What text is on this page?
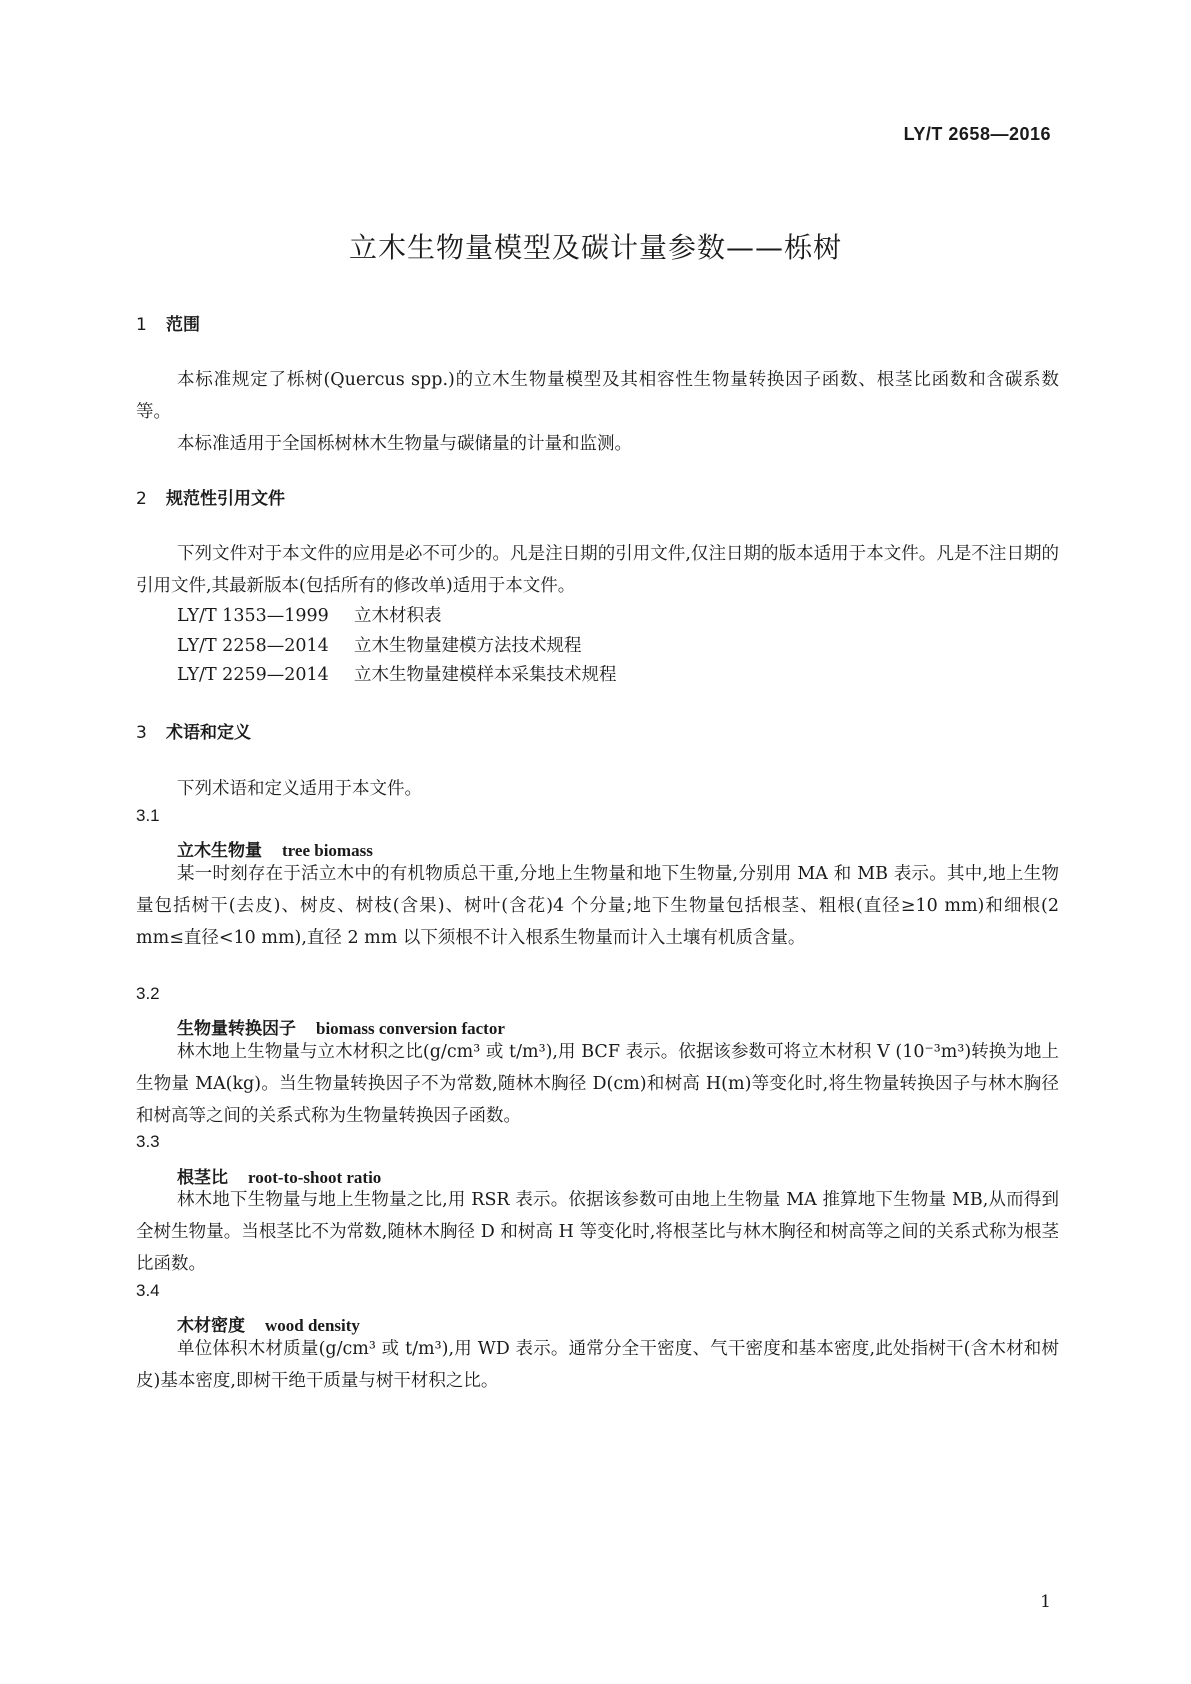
LY/T 2658—2016
立木生物量模型及碳计量参数——栎树
1 范围
本标准规定了栎树(Quercus spp.)的立木生物量模型及其相容性生物量转换因子函数、根茎比函数和含碳系数等。
本标准适用于全国栎树林木生物量与碳储量的计量和监测。
2 规范性引用文件
下列文件对于本文件的应用是必不可少的。凡是注日期的引用文件,仅注日期的版本适用于本文件。凡是不注日期的引用文件,其最新版本(包括所有的修改单)适用于本文件。
LY/T 1353—1999 立木材积表
LY/T 2258—2014 立木生物量建模方法技术规程
LY/T 2259—2014 立木生物量建模样本采集技术规程
3 术语和定义
下列术语和定义适用于本文件。
3.1
立木生物量 tree biomass
某一时刻存在于活立木中的有机物质总干重,分地上生物量和地下生物量,分别用 MA 和 MB 表示。其中,地上生物量包括树干(去皮)、树皮、树枝(含果)、树叶(含花)4 个分量;地下生物量包括根茎、粗根(直径≥10 mm)和细根(2 mm≤直径<10 mm),直径 2 mm 以下须根不计入根系生物量而计入土壤有机质含量。
3.2
生物量转换因子 biomass conversion factor
林木地上生物量与立木材积之比(g/cm³ 或 t/m³),用 BCF 表示。依据该参数可将立木材积 V (10⁻³m³)转换为地上生物量 MA(kg)。当生物量转换因子不为常数,随林木胸径 D(cm)和树高 H(m)等变化时,将生物量转换因子与林木胸径和树高等之间的关系式称为生物量转换因子函数。
3.3
根茎比 root-to-shoot ratio
林木地下生物量与地上生物量之比,用 RSR 表示。依据该参数可由地上生物量 MA 推算地下生物量 MB,从而得到全树生物量。当根茎比不为常数,随林木胸径 D 和树高 H 等变化时,将根茎比与林木胸径和树高等之间的关系式称为根茎比函数。
3.4
木材密度 wood density
单位体积木材质量(g/cm³ 或 t/m³),用 WD 表示。通常分全干密度、气干密度和基本密度,此处指树干(含木材和树皮)基本密度,即树干绝干质量与树干材积之比。
1
